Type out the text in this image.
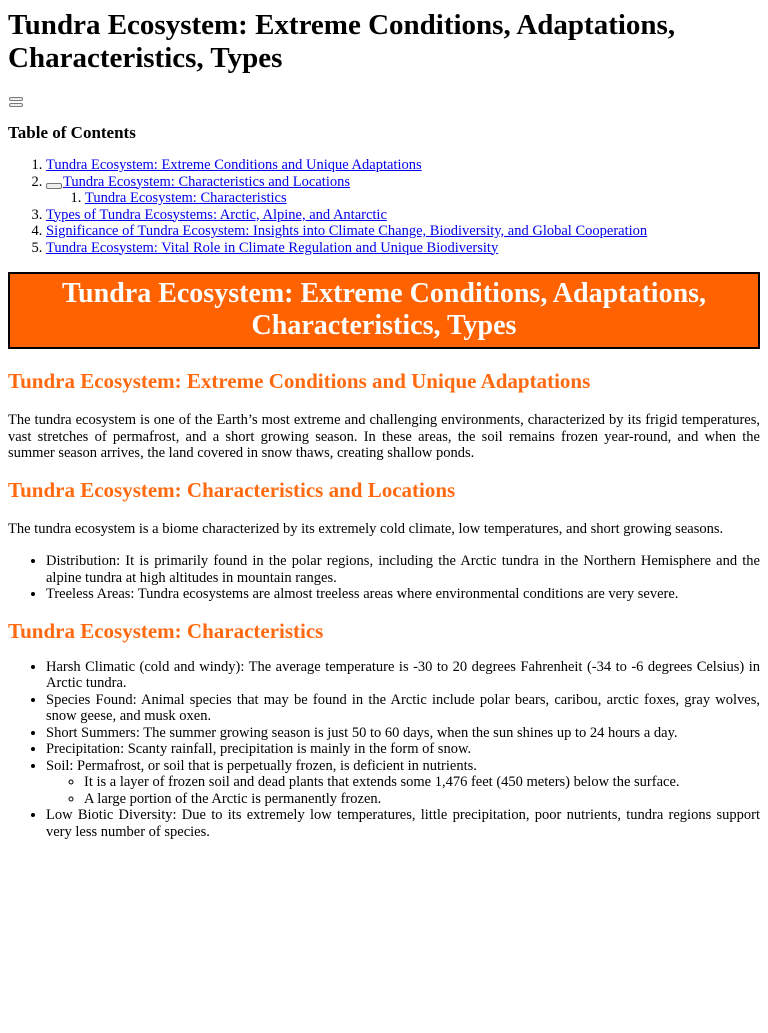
Tundra Ecosystem: Extreme Conditions, Adaptations, Characteristics, Types
Table of Contents
1. Tundra Ecosystem: Extreme Conditions and Unique Adaptations
2. Tundra Ecosystem: Characteristics and Locations
1. Tundra Ecosystem: Characteristics
3. Types of Tundra Ecosystems: Arctic, Alpine, and Antarctic
4. Significance of Tundra Ecosystem: Insights into Climate Change, Biodiversity, and Global Cooperation
5. Tundra Ecosystem: Vital Role in Climate Regulation and Unique Biodiversity
Tundra Ecosystem: Extreme Conditions, Adaptations, Characteristics, Types
Tundra Ecosystem: Extreme Conditions and Unique Adaptations

The tundra ecosystem is one of the Earth’s most extreme and challenging environments, characterized by its frigid temperatures, vast stretches of permafrost, and a short growing season. In these areas, the soil remains frozen year-round, and when the summer season arrives, the land covered in snow thaws, creating shallow ponds.

Tundra Ecosystem: Characteristics and Locations

The tundra ecosystem is a biome characterized by its extremely cold climate, low temperatures, and short growing seasons.

• Distribution: It is primarily found in the polar regions, including the Arctic tundra in the Northern Hemisphere and the alpine tundra at high altitudes in mountain ranges.
• Treeless Areas: Tundra ecosystems are almost treeless areas where environmental conditions are very severe.
Tundra Ecosystem: Characteristics
• Harsh Climatic (cold and windy): The average temperature is -30 to 20 degrees Fahrenheit (-34 to -6 degrees Celsius) in Arctic tundra.
• Species Found: Animal species that may be found in the Arctic include polar bears, caribou, arctic foxes, gray wolves, snow geese, and musk oxen.
• Short Summers: The summer growing season is just 50 to 60 days, when the sun shines up to 24 hours a day.
• Precipitation: Scanty rainfall, precipitation is mainly in the form of snow.
• Soil: Permafrost, or soil that is perpetually frozen, is deficient in nutrients.
◦ It is a layer of frozen soil and dead plants that extends some 1,476 feet (450 meters) below the surface.
◦ A large portion of the Arctic is permanently frozen.
• Low Biotic Diversity: Due to its extremely low temperatures, little precipitation, poor nutrients, tundra regions support very less number of species.
